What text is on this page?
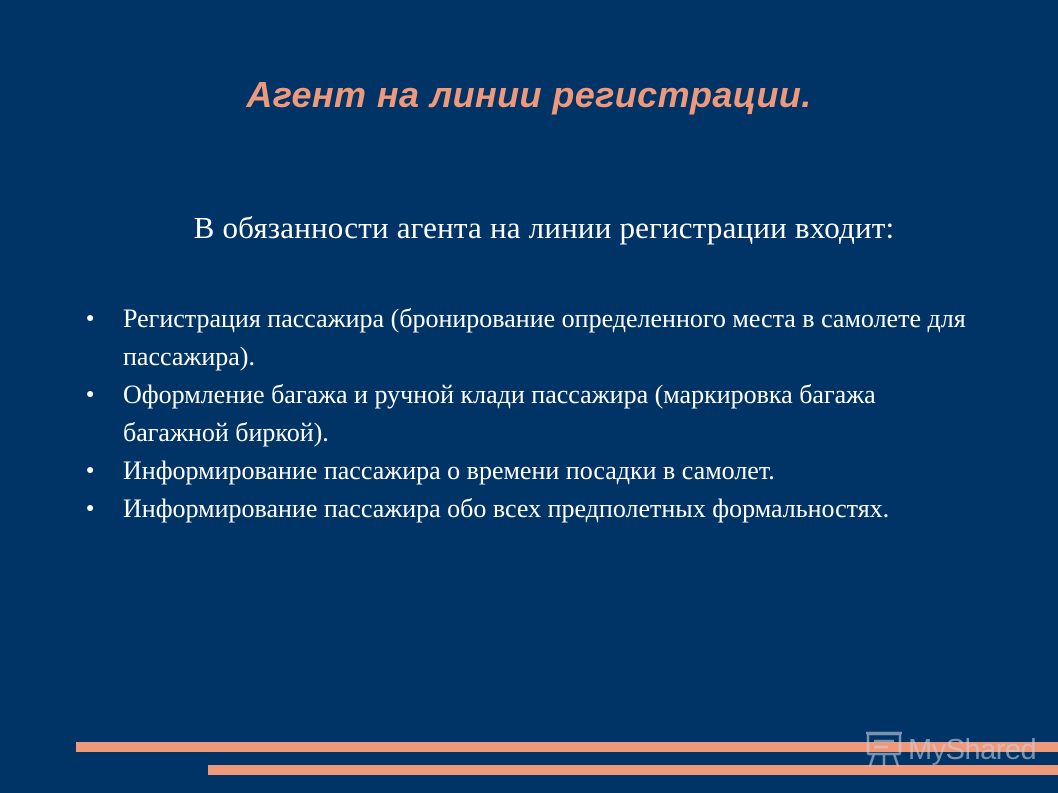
Агент на линии регистрации.
В обязанности агента на линии регистрации входит:
● Регистрация пассажира (бронирование определенного места в самолете для пассажира).
● Оформление багажа и ручной клади пассажира (маркировка багажа багажной биркой).
● Информирование пассажира о времени посадки в самолет.
● Информирование пассажира обо всех предполетных формальностях.
MyShared
